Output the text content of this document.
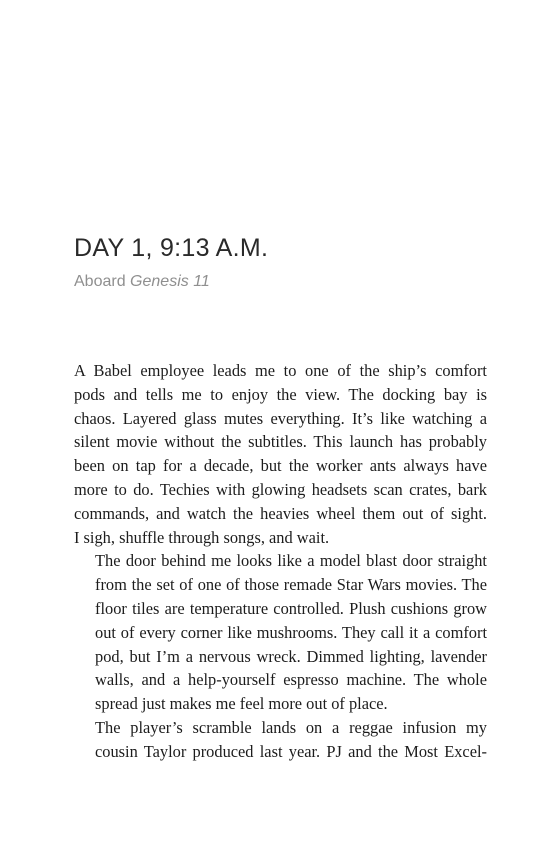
DAY 1, 9:13 A.M.
Aboard Genesis 11

A Babel employee leads me to one of the ship’s comfort
pods and tells me to enjoy the view. The docking bay is
chaos. Layered glass mutes everything. It’s like watching a
silent movie without the subtitles. This launch has probably
been on tap for a decade, but the worker ants always have
more to do. Techies with glowing headsets scan crates, bark
commands, and watch the heavies wheel them out of sight.
I sigh, shuffle through songs, and wait.

The door behind me looks like a model blast door straight
from the set of one of those remade Star Wars movies. The
floor tiles are temperature controlled. Plush cushions grow
out of every corner like mushrooms. They call it a comfort
pod, but I’m a nervous wreck. Dimmed lighting, lavender
walls, and a help-yourself espresso machine. The whole
spread just makes me feel more out of place.

The player’s scramble lands on a reggae infusion my
cousin Taylor produced last year. PJ and the Most Excel-
